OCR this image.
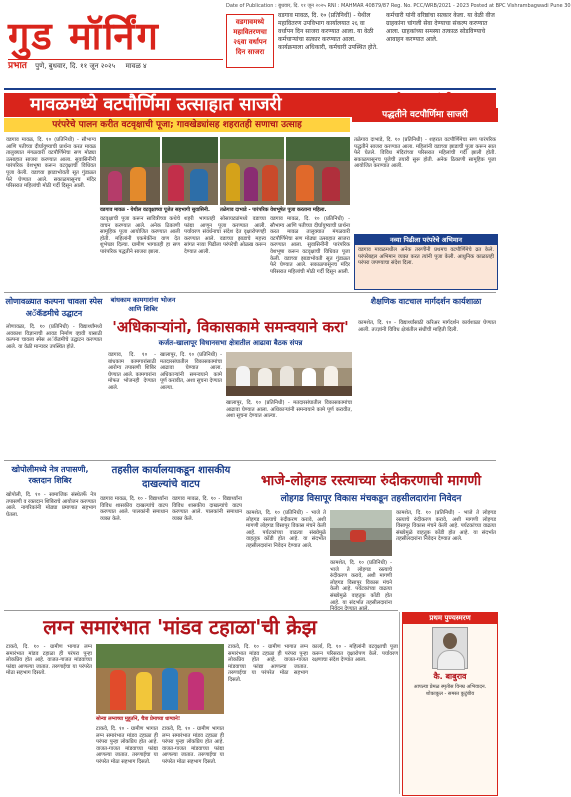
गुड मॉर्निंग
प्रभात पुणे, बुधवार, दि. ११ जून २०२५ मावळ ४
Date of Publication : बुधवार, दि. ११ जून २०२५ RNI : MAHMAR 40879/87 Reg. No. PCC/WRB/2021 - 2023 Posted at BPC Vishrambagwadi Pune 30
वडगावमध्ये
महावितरणचा
२६वा वर्धापन
दिन साजरा
वडगाव मावळ, दि. १० (प्रतिनिधी) - येथील महावितरण उपविभाग कार्यालयात २६ वा वर्धापन दिन साजरा करण्यात आला. या वेळी कर्मचाऱ्यांचा सत्कार करण्यात आला. कार्यक्रमाला अधिकारी, कर्मचारी उपस्थित होते.
कर्मचारी यांनी वरिष्ठांचा सत्कार केला. या वेळी वीज ग्राहकांना चांगली सेवा देण्याचा संकल्प करण्यात आला. ग्राहकांच्या समस्या तत्काळ सोडविण्याचे आवाहन करण्यात आले.
मावळमध्ये वटपौर्णिमा उत्साहात साजरी
परंपरेचे पालन करीत वटवृक्षाची पूजा; गावखेड्यांसह शहरातही सणाचा उत्साह
तळेगावात पारंपरिक
पद्धतीने वटपौर्णिमा साजरी
वडगाव मावळ - येथील वटवृक्षाच्या पूजेत सहभागी सुवासिनी.	तळेगाव दाभाडे - पारंपरिक वेशभूषेत पूजा करताना महिला.
वडगाव मावळ, दि. १० (प्रतिनिधी) - सौभाग्य आणि पतीच्या दीर्घायुष्याची प्रार्थना करत मावळ तालुक्यात मंगळवारी वटपौर्णिमेचा सण मोठ्या उत्साहात साजरा करण्यात आला. सुवासिनींनी पारंपरिक वेशभूषा करून वटवृक्षाची विधिवत पूजा केली. वडाच्या झाडाभोवती सूत गुंडाळत फेरे घेण्यात आले. सकाळपासूनच मंदिर परिसरात महिलांची मोठी गर्दी दिसून आली.
वटवृक्षाची पूजा करून सावित्रीच्या कथेचे वाचन करण्यात आले. अनेक ठिकाणी सामूहिक पूजा आयोजित करण्यात आली होती. महिलांनी एकमेकींना वाण देत शुभेच्छा दिल्या. ग्रामीण भागातही हा सण पारंपरिक पद्धतीने साजरा झाला.
शहरी भागातही सोसायट्यांमध्ये वडाच्या फांद्या आणून पूजा करण्यात आली. पर्यावरण संवर्धनाचा संदेश देत वृक्षारोपणही करण्यात आले. वडाच्या झाडाचे महत्त्व सांगत नव्या पिढीला परंपरेची ओळख करून देण्यात आली.
वडगाव मावळ, दि. १० (प्रतिनिधी) - सौभाग्य आणि पतीच्या दीर्घायुष्याची प्रार्थना करत मावळ तालुक्यात मंगळवारी वटपौर्णिमेचा सण मोठ्या उत्साहात साजरा करण्यात आला. सुवासिनींनी पारंपरिक वेशभूषा करून वटवृक्षाची विधिवत पूजा केली. वडाच्या झाडाभोवती सूत गुंडाळत फेरे घेण्यात आले. सकाळपासूनच मंदिर परिसरात महिलांची मोठी गर्दी दिसून आली.
तळेगाव दाभाडे, दि. १० (प्रतिनिधी) - शहरात वटपौर्णिमेचा सण पारंपरिक पद्धतीने साजरा करण्यात आला. महिलांनी वडाच्या झाडाची पूजा करून सात फेरे घेतले. विविध मंदिरांच्या परिसरात महिलांची गर्दी झाली होती. सकाळपासूनच पूजेची तयारी सुरू होती. अनेक ठिकाणी सामूहिक पूजा आयोजित करण्यात आली.
नव्या पिढीला परंपरेचे अभिमान
वडगाव मावळमधील अनेक तरुणींनी प्रथमच वटपौर्णिमेचे व्रत केले. परंपरेबद्दल अभिमान व्यक्त करत त्यांनी पूजा केली. आधुनिक काळातही परंपरा जपण्याचा संदेश दिला.
लोणावळ्यात कल्पना चावला स्पेस अॅकॅडमीचे उद्घाटन
लोणावळा, दि. १० (प्रतिनिधी) - विद्यार्थ्यांमध्ये अवकाश विज्ञानाची आवड निर्माण व्हावी यासाठी कल्पना चावला स्पेस अॅकॅडमीचे उद्घाटन करण्यात आले. या वेळी मान्यवर उपस्थित होते.
बांधकाम कामगारांना भोजन आणि शिबिर
'अधिकाऱ्यांनो, विकासकामे समन्वयाने करा'
कर्जत-खालापूर विधानसभा क्षेत्रातील आढावा बैठक संपन्न
वडगाव, दि. १० - बांधकाम कामगारांसाठी आरोग्य तपासणी शिबिर घेण्यात आले. कामगारांना मोफत भोजनही देण्यात आले.
खालापूर, दि. १० (प्रतिनिधी) - मतदारसंघातील विकासकामांचा आढावा घेण्यात आला. अधिकाऱ्यांनी समन्वयाने कामे पूर्ण करावीत, अशा सूचना देण्यात आल्या.
खालापूर, दि. १० (प्रतिनिधी) - मतदारसंघातील विकासकामांचा आढावा घेण्यात आला. अधिकाऱ्यांनी समन्वयाने कामे पूर्ण करावीत, अशा सूचना देण्यात आल्या.
शैक्षणिक वाटचाल मार्गदर्शन कार्यशाळा
कामशेत, दि. १० - विद्यार्थ्यांसाठी करिअर मार्गदर्शन कार्यशाळा घेण्यात आली. तज्ज्ञांनी विविध क्षेत्रांतील संधींची माहिती दिली.
खोपोलीमध्ये नेत्र तपासणी, रक्तदान शिबिर
खोपोली, दि. १० - सामाजिक संस्थेतर्फे नेत्र तपासणी व रक्तदान शिबिराचे आयोजन करण्यात आले. नागरिकांनी मोठ्या प्रमाणात सहभाग घेतला.
तहसील कार्यालयाकडून शासकीय दाखल्यांचे वाटप
वडगाव मावळ, दि. १० - विद्यार्थ्यांना विविध शासकीय दाखल्यांचे वाटप करण्यात आले. पालकांनी समाधान व्यक्त केले.
वडगाव मावळ, दि. १० - विद्यार्थ्यांना विविध शासकीय दाखल्यांचे वाटप करण्यात आले. पालकांनी समाधान व्यक्त केले.
भाजे-लोहगड रस्त्याच्या रुंदीकरणाची मागणी
लोहगड विसापूर विकास मंचकडून तहसीलदारांना निवेदन
कामशेत, दि. १० (प्रतिनिधी) - भाजे ते लोहगड रस्त्याचे रुंदीकरण करावे, अशी मागणी लोहगड विसापूर विकास मंचने केली आहे. पर्यटकांच्या वाढत्या संख्येमुळे वाहतूक कोंडी होत आहे. या संदर्भात तहसीलदारांना निवेदन देण्यात आले.
कामशेत, दि. १० (प्रतिनिधी) - भाजे ते लोहगड रस्त्याचे रुंदीकरण करावे, अशी मागणी लोहगड विसापूर विकास मंचने केली आहे. पर्यटकांच्या वाढत्या संख्येमुळे वाहतूक कोंडी होत आहे. या संदर्भात तहसीलदारांना
कामशेत, दि. १० (प्रतिनिधी) - भाजे ते लोहगड रस्त्याचे रुंदीकरण करावे, अशी मागणी लोहगड विसापूर विकास मंचने केली आहे. पर्यटकांच्या वाढत्या संख्येमुळे वाहतूक कोंडी होत आहे. या संदर्भात तहसीलदारांना निवेदन देण्यात आले.
लग्न समारंभात 'मांडव टहाळा'ची क्रेझ
टाकवे, दि. १० - ग्रामीण भागात लग्न समारंभात मांडव टहाळा ही परंपरा पुन्हा लोकप्रिय होत आहे. वाजत-गाजत मांडवाच्या फांद्या आणल्या जातात. तरुणाईचा या परंपरेत मोठा सहभाग दिसतो.
सोन्या लग्नाच्या मुहूर्ताने, चैत्रा प्रेमाच्या धाग्याने!
टाकवे, दि. १० - ग्रामीण भागात लग्न समारंभात मांडव टहाळा ही परंपरा पुन्हा लोकप्रिय होत आहे. वाजत-गाजत मांडवाच्या फांद्या आणल्या जातात. तरुणाईचा या परंपरेत मोठा सहभाग दिसतो.
टाकवे, दि. १० - ग्रामीण भागात लग्न समारंभात मांडव टहाळा ही परंपरा पुन्हा लोकप्रिय होत आहे. वाजत-गाजत मांडवाच्या फांद्या आणल्या जातात. तरुणाईचा या परंपरेत मोठा सहभाग दिसतो.
टाकवे, दि. १० - ग्रामीण भागात लग्न समारंभात मांडव टहाळा ही परंपरा पुन्हा लोकप्रिय होत आहे. वाजत-गाजत मांडवाच्या फांद्या आणल्या जातात. तरुणाईचा या परंपरेत मोठा सहभाग दिसतो.
कार्ला, दि. १० - महिलांनी वटवृक्षाची पूजा करून परिसरात वृक्षारोपण केले. पर्यावरण रक्षणाचा संदेश देण्यात आला.
प्रथम पुण्यस्मरण
कै. बाबुराव
आपल्या प्रेमळ स्मृतीस विनम्र अभिवादन. शोकाकुल - समस्त कुटुंबीय
